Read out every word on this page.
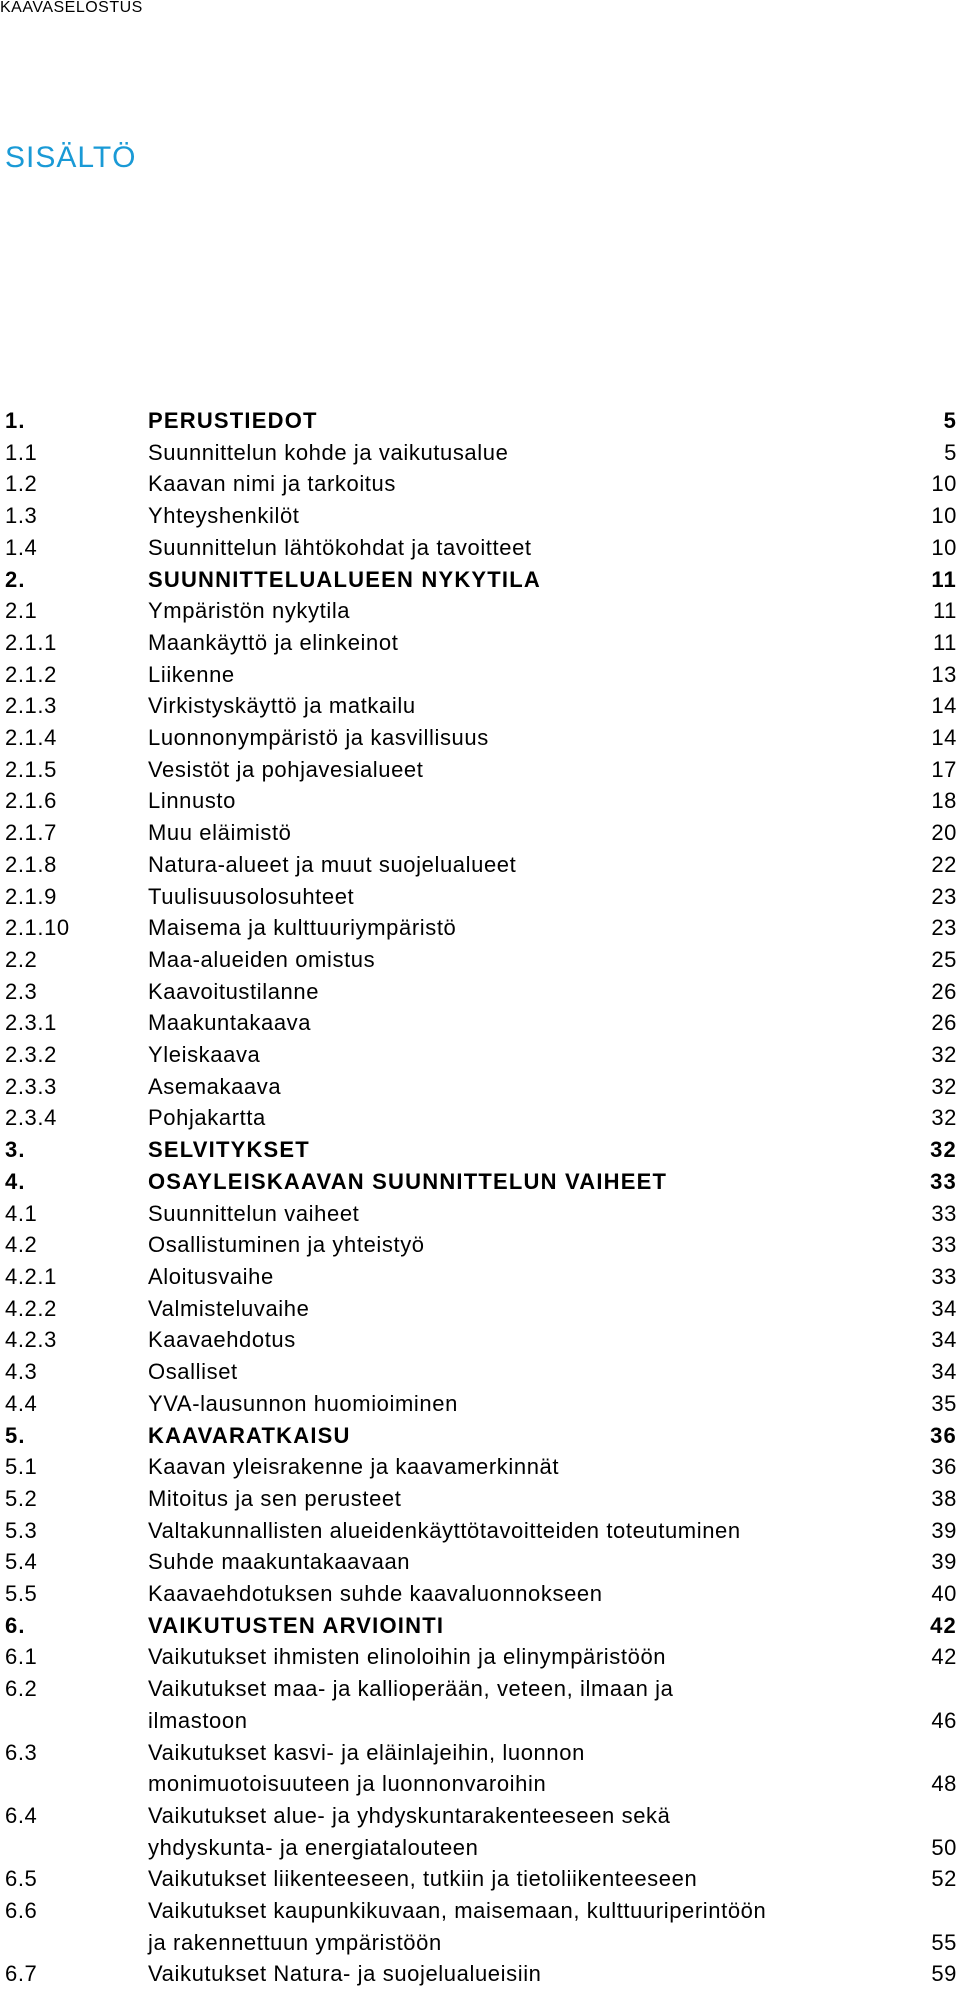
KAAVASELOSTUS
SISÄLTÖ
1.	PERUSTIEDOT	5
1.1	Suunnittelun kohde ja vaikutusalue	5
1.2	Kaavan nimi ja tarkoitus	10
1.3	Yhteyshenkilöt	10
1.4	Suunnittelun lähtökohdat ja tavoitteet	10
2.	SUUNNITTELUALUEEN NYKYTILA	11
2.1	Ympäristön nykytila	11
2.1.1	Maankäyttö ja elinkeinot	11
2.1.2	Liikenne	13
2.1.3	Virkistyskäyttö ja matkailu	14
2.1.4	Luonnonympäristö ja kasvillisuus	14
2.1.5	Vesistöt ja pohjavesialueet	17
2.1.6	Linnusto	18
2.1.7	Muu eläimistö	20
2.1.8	Natura-alueet ja muut suojelualueet	22
2.1.9	Tuulisuusolosuhteet	23
2.1.10	Maisema ja kulttuuriympäristö	23
2.2	Maa-alueiden omistus	25
2.3	Kaavoitustilanne	26
2.3.1	Maakuntakaava	26
2.3.2	Yleiskaava	32
2.3.3	Asemakaava	32
2.3.4	Pohjakartta	32
3.	SELVITYKSET	32
4.	OSAYLEISKAAVAN SUUNNITTELUN VAIHEET	33
4.1	Suunnittelun vaiheet	33
4.2	Osallistuminen ja yhteistyö	33
4.2.1	Aloitusvaihe	33
4.2.2	Valmisteluvaihe	34
4.2.3	Kaavaehdotus	34
4.3	Osalliset	34
4.4	YVA-lausunnon huomioiminen	35
5.	KAAVARATKAISU	36
5.1	Kaavan yleisrakenne ja kaavamerkinnät	36
5.2	Mitoitus ja sen perusteet	38
5.3	Valtakunnallisten alueidenkäyttötavoitteiden toteutuminen	39
5.4	Suhde maakuntakaavaan	39
5.5	Kaavaehdotuksen suhde kaavaluonnokseen	40
6.	VAIKUTUSTEN ARVIOINTI	42
6.1	Vaikutukset ihmisten elinoloihin ja elinympäristöön	42
6.2	Vaikutukset maa- ja kallioperään, veteen, ilmaan ja
ilmastoon	46
6.3	Vaikutukset kasvi- ja eläinlajeihin, luonnon
monimuotoisuuteen ja luonnonvaroihin	48
6.4	Vaikutukset alue- ja yhdyskuntarakenteeseen sekä
yhdyskunta- ja energiatalouteen	50
6.5	Vaikutukset liikenteeseen, tutkiin ja tietoliikenteeseen	52
6.6	Vaikutukset kaupunkikuvaan, maisemaan, kulttuuriperintöön
ja rakennettuun ympäristöön	55
6.7	Vaikutukset Natura- ja suojelualueisiin	59
